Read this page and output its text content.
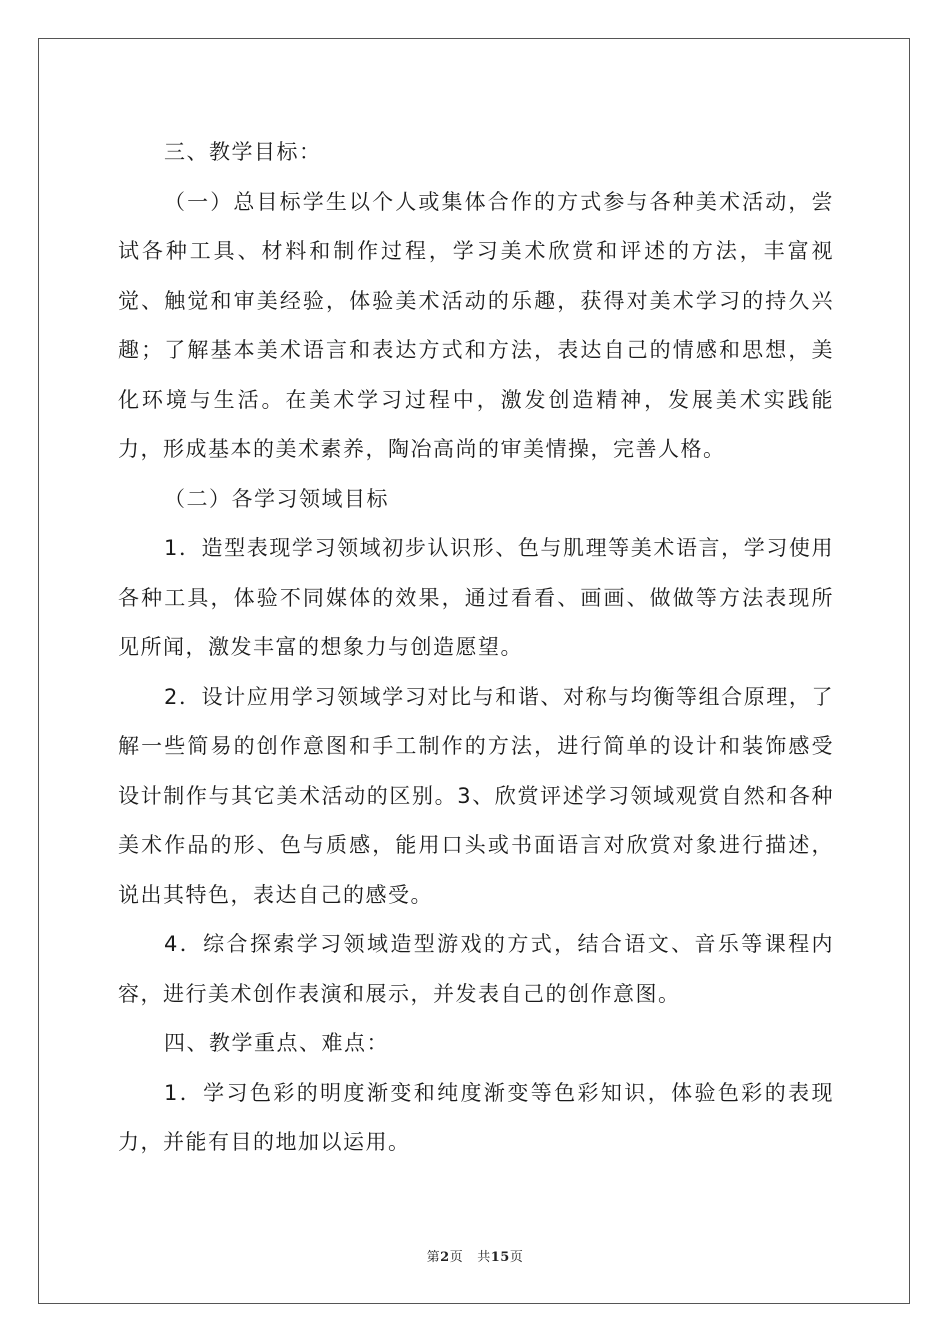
三、教学目标：

（一）总目标学生以个人或集体合作的方式参与各种美术活动，尝试各种工具、材料和制作过程，学习美术欣赏和评述的方法，丰富视觉、触觉和审美经验，体验美术活动的乐趣，获得对美术学习的持久兴趣；了解基本美术语言和表达方式和方法，表达自己的情感和思想，美化环境与生活。在美术学习过程中，激发创造精神，发展美术实践能力，形成基本的美术素养，陶冶高尚的审美情操，完善人格。

（二）各学习领域目标

1．造型表现学习领域初步认识形、色与肌理等美术语言，学习使用各种工具，体验不同媒体的效果，通过看看、画画、做做等方法表现所见所闻，激发丰富的想象力与创造愿望。

2．设计应用学习领域学习对比与和谐、对称与均衡等组合原理，了解一些简易的创作意图和手工制作的方法，进行简单的设计和装饰感受设计制作与其它美术活动的区别。3、欣赏评述学习领域观赏自然和各种美术作品的形、色与质感，能用口头或书面语言对欣赏对象进行描述，说出其特色，表达自己的感受。

4．综合探索学习领域造型游戏的方式，结合语文、音乐等课程内容，进行美术创作表演和展示，并发表自己的创作意图。

四、教学重点、难点：

1．学习色彩的明度渐变和纯度渐变等色彩知识，体验色彩的表现力，并能有目的地加以运用。

第2页 共15页
